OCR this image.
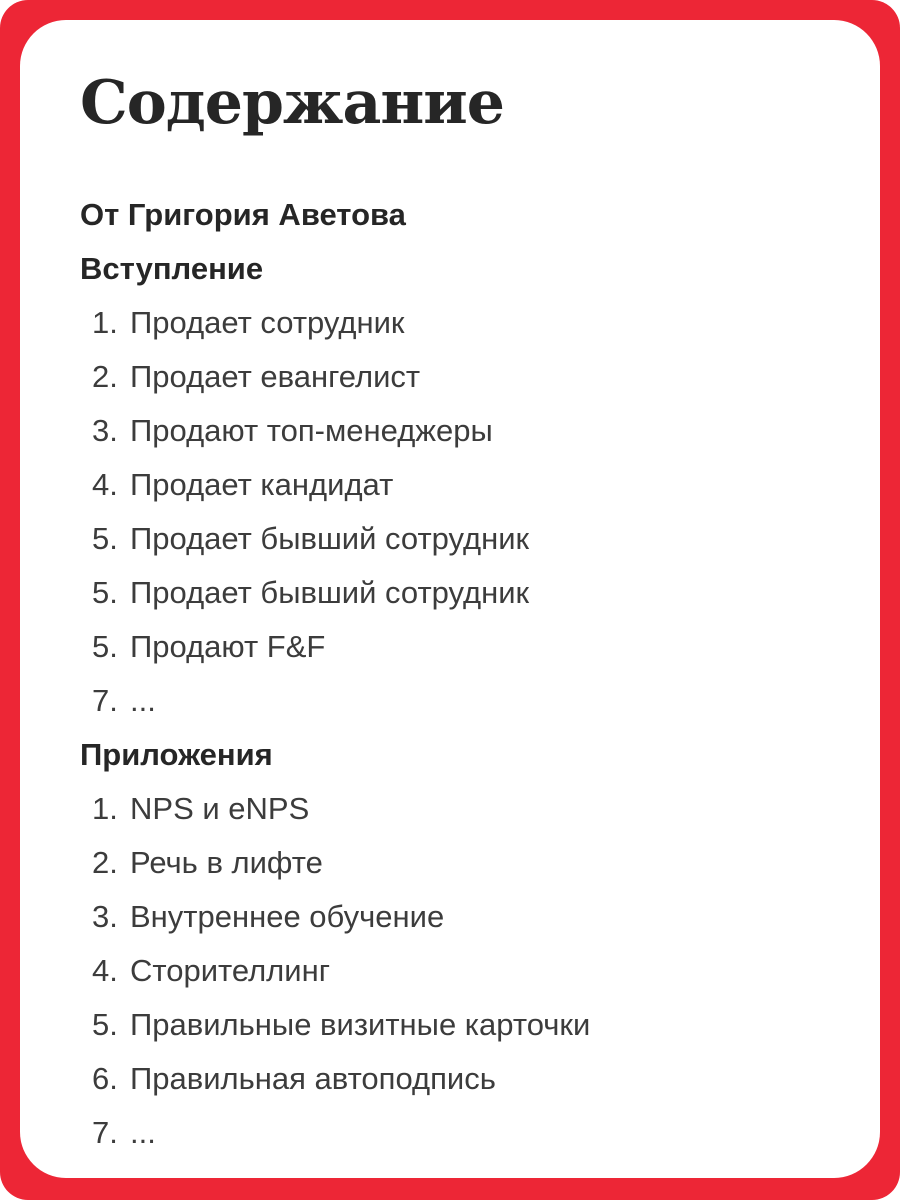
Содержание
От Григория Аветова
Вступление
1. Продает сотрудник
2. Продает евангелист
3. Продают топ-менеджеры
4. Продает кандидат
5. Продает бывший сотрудник
5. Продает бывший сотрудник
5. Продают F&F
7. ...
Приложения
1. NPS и eNPS
2. Речь в лифте
3. Внутреннее обучение
4. Сторителлинг
5. Правильные визитные карточки
6. Правильная автоподпись
7. ...
